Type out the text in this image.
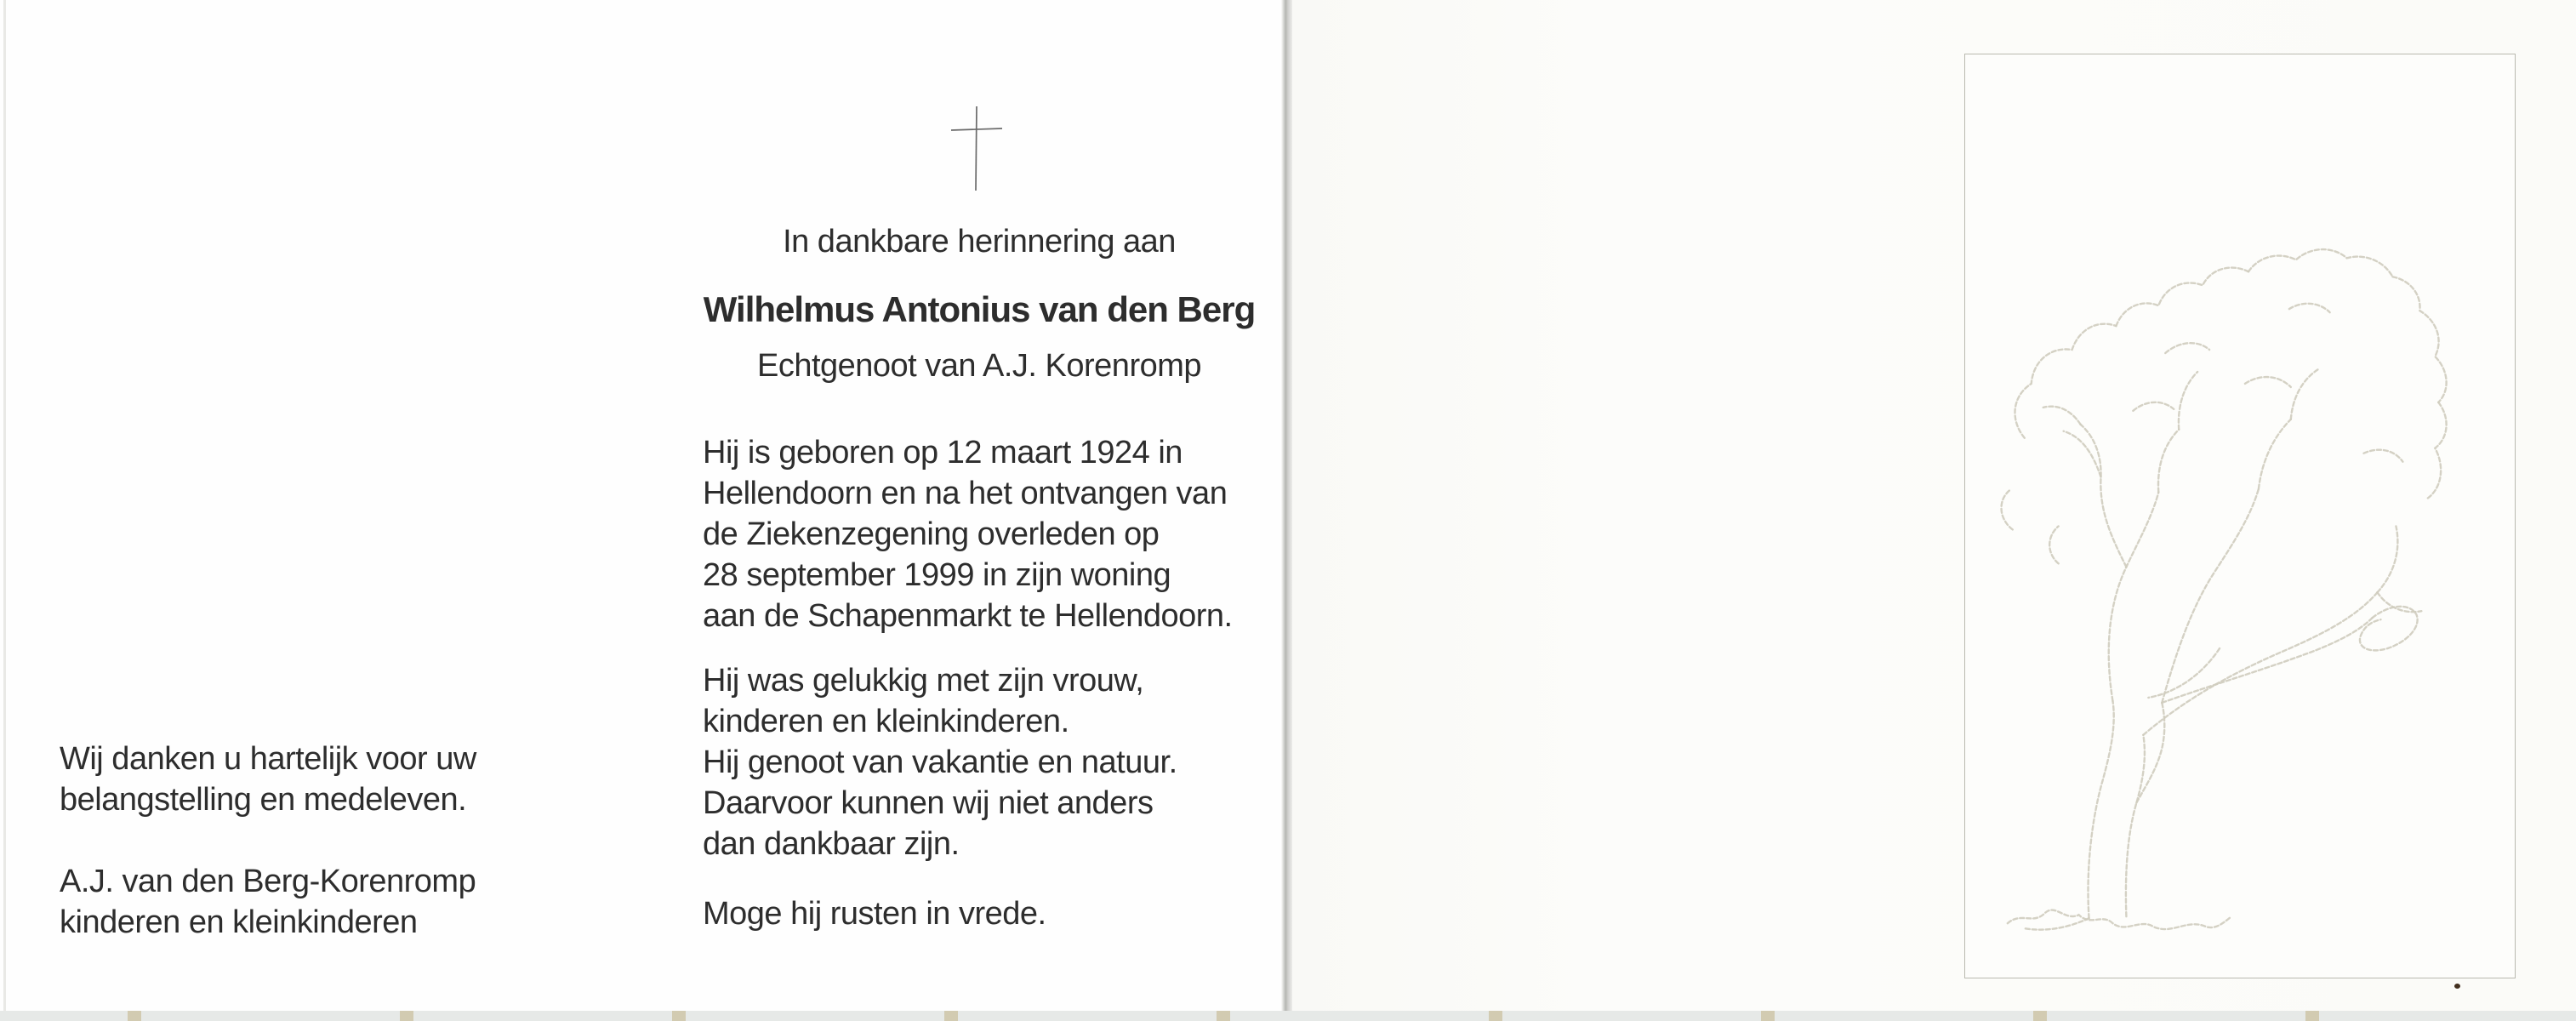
In dankbare herinnering aan
Wilhelmus Antonius van den Berg
Echtgenoot van A.J. Korenromp
Hij is geboren op 12 maart 1924 in
Hellendoorn en na het ontvangen van
de Ziekenzegening overleden op
28 september 1999 in zijn woning
aan de Schapenmarkt te Hellendoorn.
Hij was gelukkig met zijn vrouw,
kinderen en kleinkinderen.
Hij genoot van vakantie en natuur.
Daarvoor kunnen wij niet anders
dan dankbaar zijn.
Moge hij rusten in vrede.
Wij danken u hartelijk voor uw
belangstelling en medeleven.
A.J. van den Berg-Korenromp
kinderen en kleinkinderen
